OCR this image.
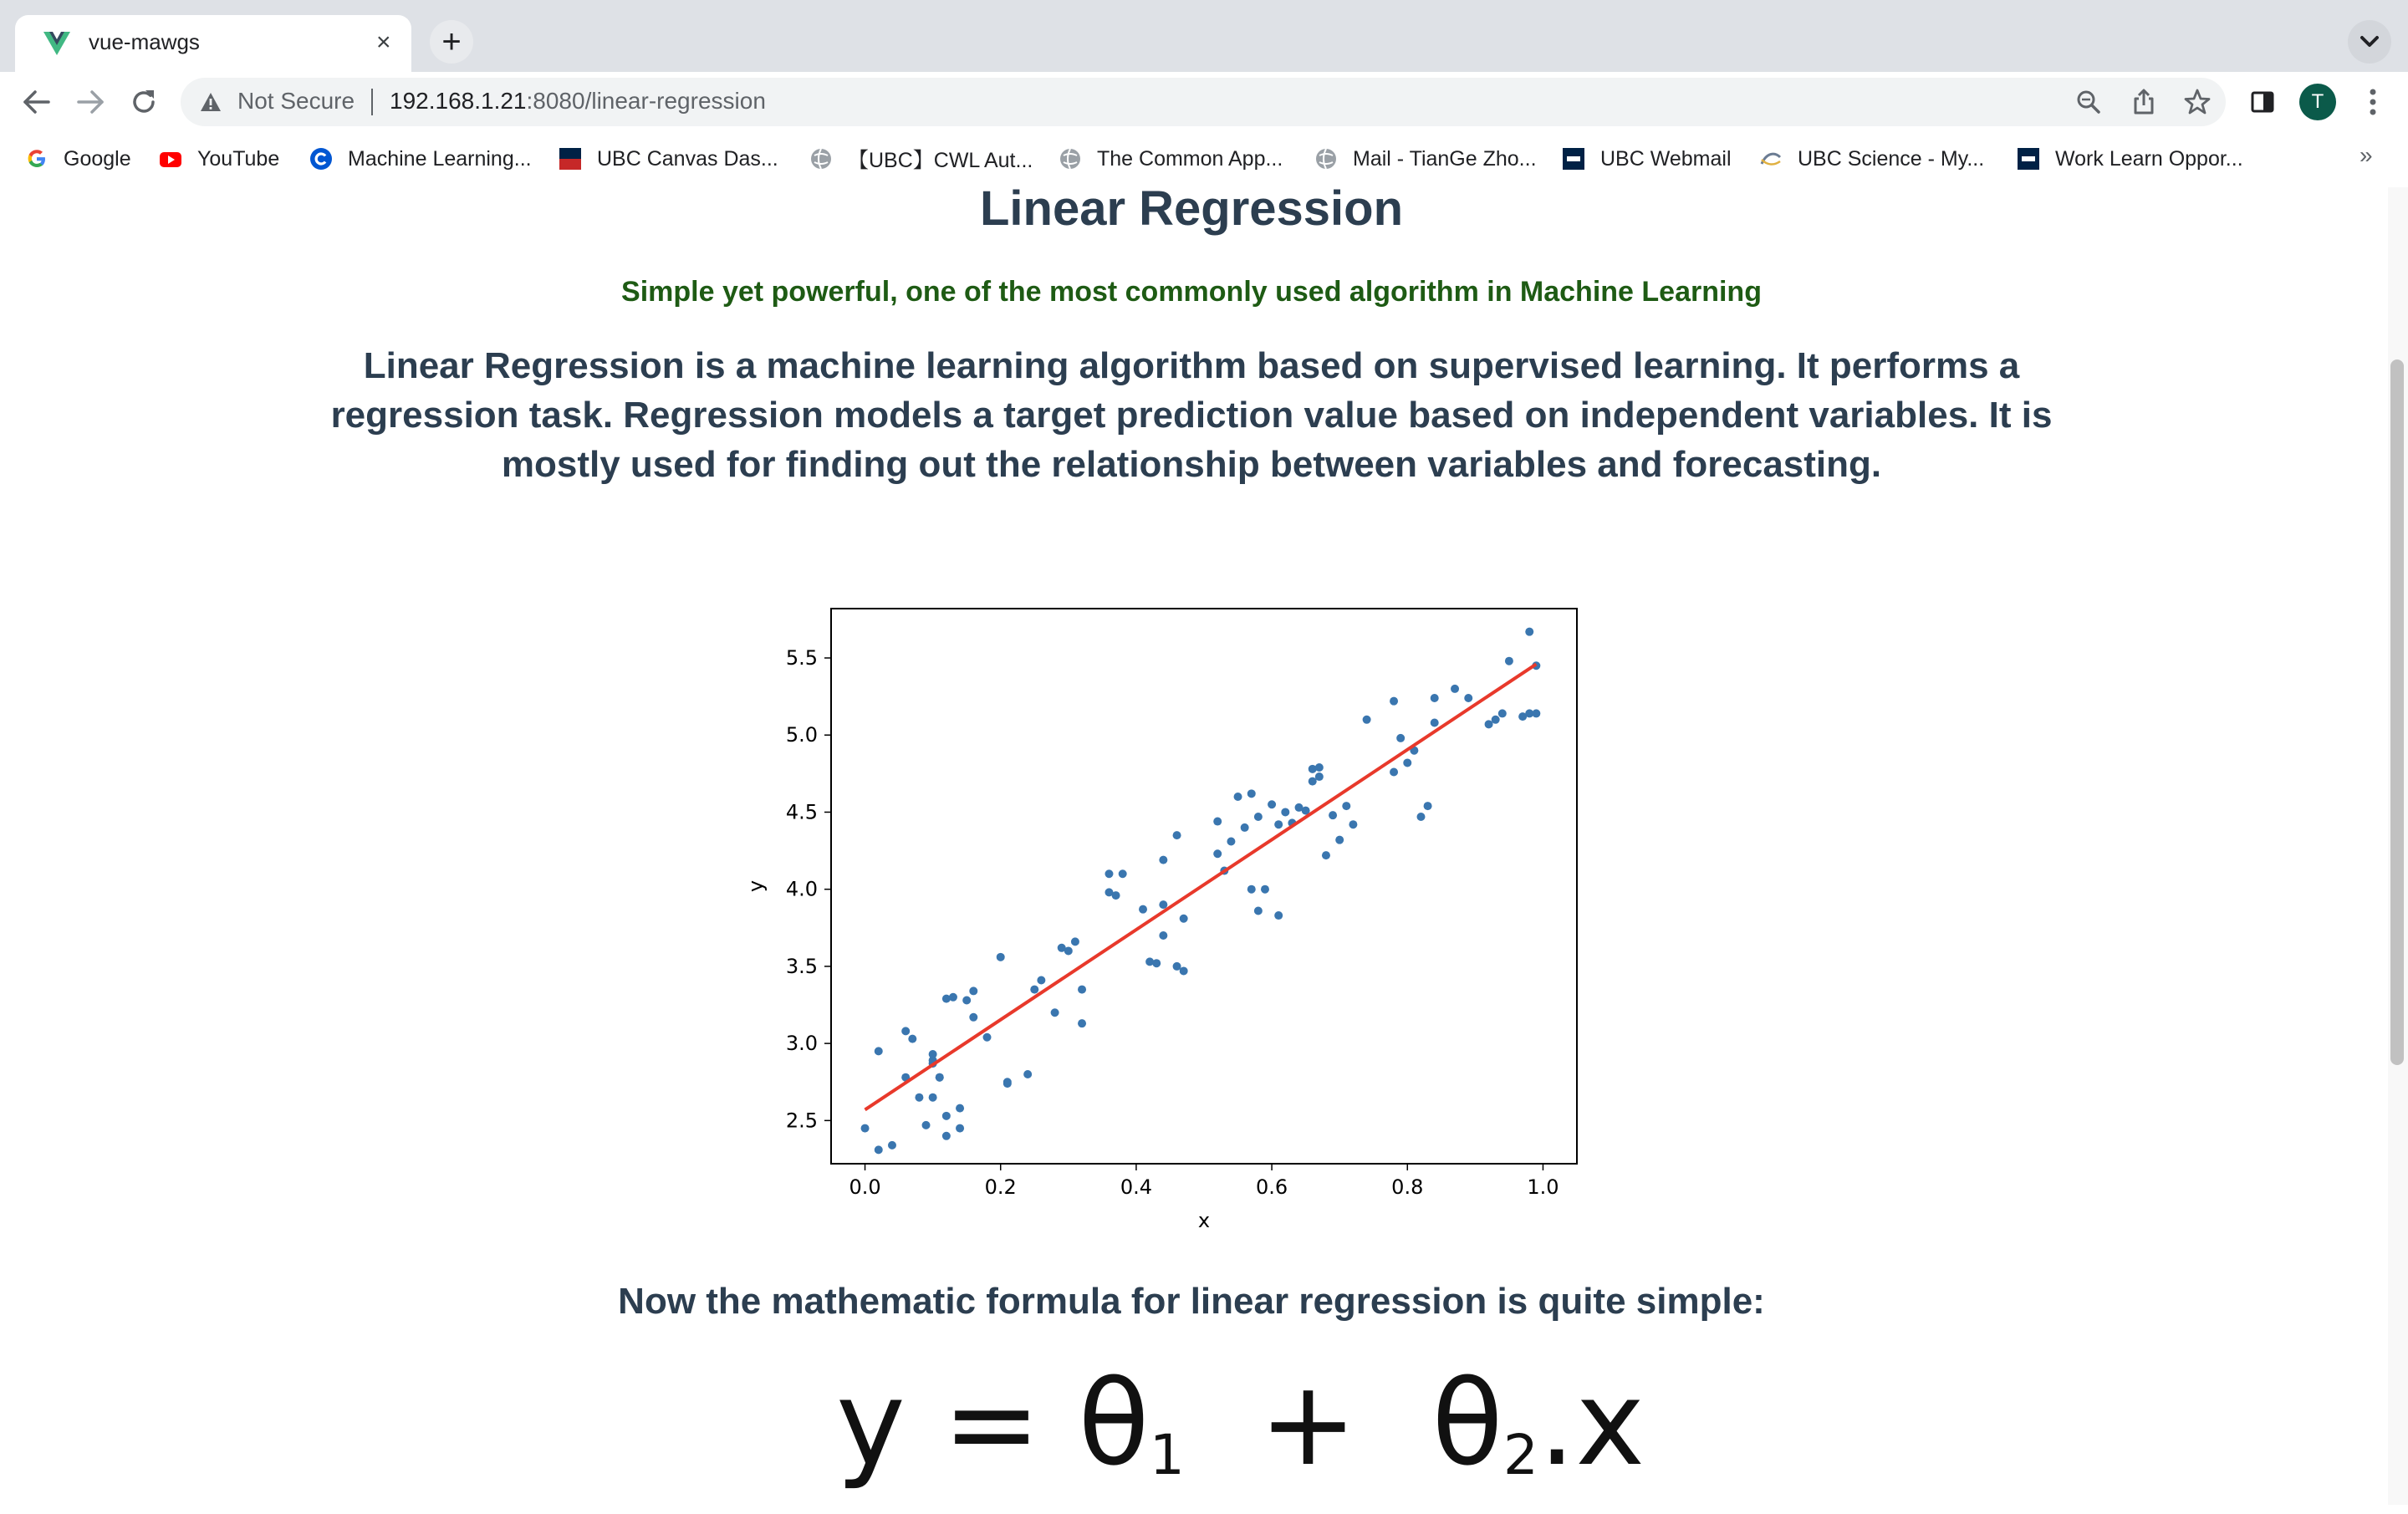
vue-mawgs	×	+
Not Secure 192.168.1.21:8080/linear-regression	T
Google	YouTube	Machine Learning...	UBC Canvas Das...	【UBC】CWL Aut...	The Common App...	Mail - TianGe Zho...	UBC Webmail	UBC Science - My...	Work Learn Oppor...	»
Linear Regression
Simple yet powerful, one of the most commonly used algorithm in Machine Learning
Linear Regression is a machine learning algorithm based on supervised learning. It performs a regression task. Regression models a target prediction value based on independent variables. It is mostly used for finding out the relationship between variables and forecasting.
0.0	0.2	0.4	0.6	0.8	1.0
2.5
3.0
3.5
4.0
4.5
5.0
5.5
x
y
Now the mathematic formula for linear regression is quite simple:
$y = \theta_1 + \theta_2.x$
